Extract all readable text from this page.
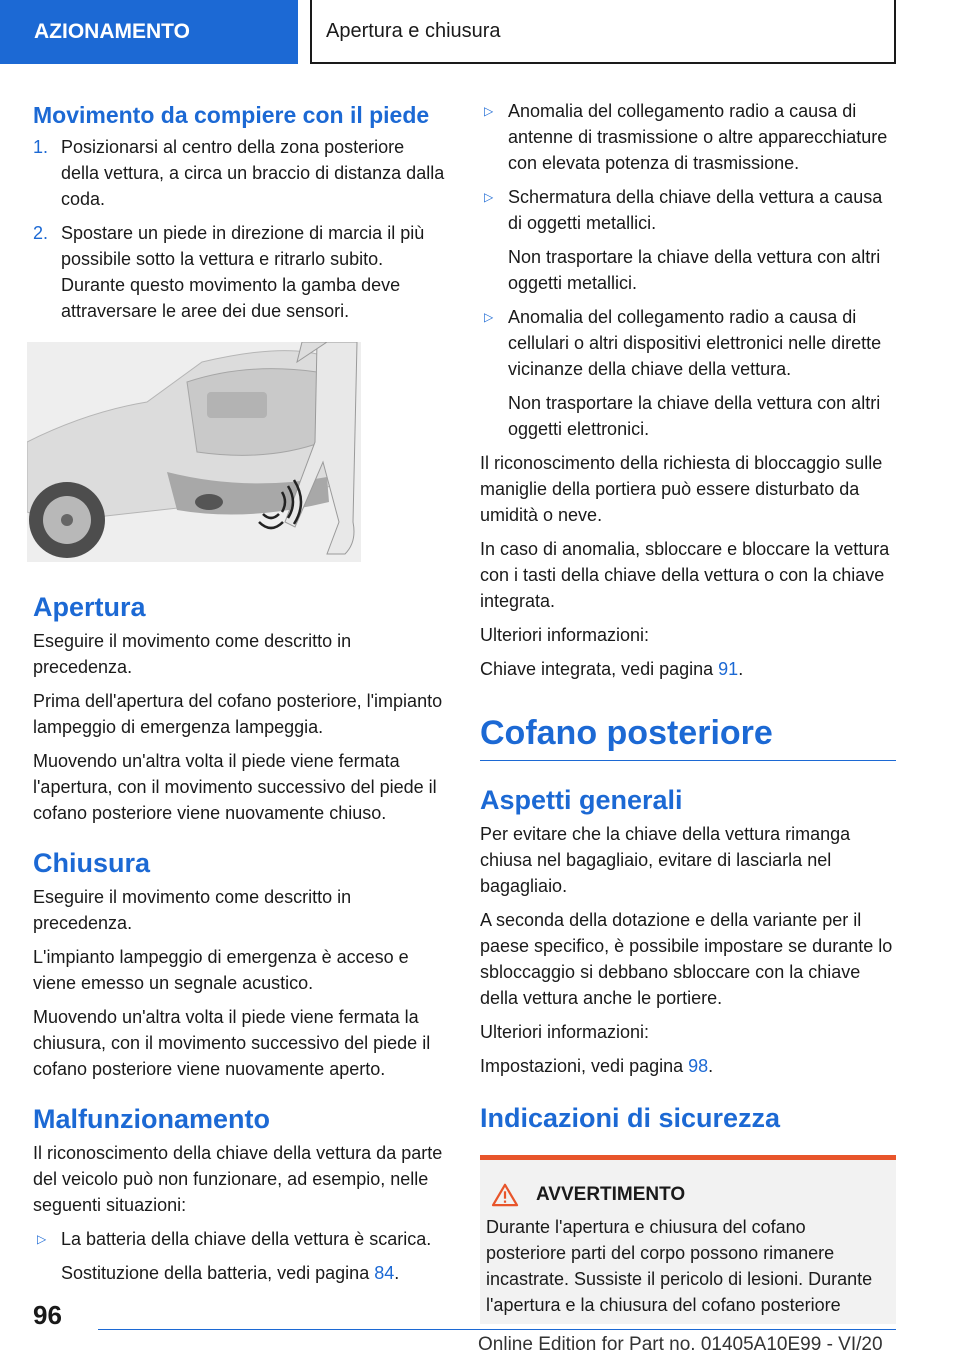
AZIONAMENTO	Apertura e chiusura
Movimento da compiere con il piede
1. Posizionarsi al centro della zona posteriore della vettura, a circa un braccio di distanza dalla coda.
2. Spostare un piede in direzione di marcia il più possibile sotto la vettura e ritrarlo subito. Durante questo movimento la gamba deve attraversare le aree dei due sensori.
Apertura

Eseguire il movimento come descritto in precedenza.

Prima dell'apertura del cofano posteriore, l'impianto lampeggio di emergenza lampeggia.

Muovendo un'altra volta il piede viene fermata l'apertura, con il movimento successivo del piede il cofano posteriore viene nuovamente chiuso.

Chiusura

Eseguire il movimento come descritto in precedenza.

L'impianto lampeggio di emergenza è acceso e viene emesso un segnale acustico.

Muovendo un'altra volta il piede viene fermata la chiusura, con il movimento successivo del piede il cofano posteriore viene nuovamente aperto.

Malfunzionamento

Il riconoscimento della chiave della vettura da parte del veicolo può non funzionare, ad esempio, nelle seguenti situazioni:

▷ La batteria della chiave della vettura è scarica.

Sostituzione della batteria, vedi pagina 84.

▷ Anomalia del collegamento radio a causa di antenne di trasmissione o altre apparecchiature con elevata potenza di trasmissione.
▷ Schermatura della chiave della vettura a causa di oggetti metallici.

Non trasportare la chiave della vettura con altri oggetti metallici.

▷ Anomalia del collegamento radio a causa di cellulari o altri dispositivi elettronici nelle dirette vicinanze della chiave della vettura.

Non trasportare la chiave della vettura con altri oggetti elettronici.

Il riconoscimento della richiesta di bloccaggio sulle maniglie della portiera può essere disturbato da umidità o neve.

In caso di anomalia, sbloccare e bloccare la vettura con i tasti della chiave della vettura o con la chiave integrata.

Ulteriori informazioni:

Chiave integrata, vedi pagina 91.

Cofano posteriore
Aspetti generali

Per evitare che la chiave della vettura rimanga chiusa nel bagagliaio, evitare di lasciarla nel bagagliaio.

A seconda della dotazione e della variante per il paese specifico, è possibile impostare se durante lo sbloccaggio si debbano sbloccare con la chiave della vettura anche le portiere.

Ulteriori informazioni:

Impostazioni, vedi pagina 98.

Indicazioni di sicurezza
AVVERTIMENTO
Durante l'apertura e chiusura del cofano posteriore parti del corpo possono rimanere incastrate. Sussiste il pericolo di lesioni. Durante l'apertura e la chiusura del cofano posteriore
96
Online Edition for Part no. 01405A10E99 - VI/20
